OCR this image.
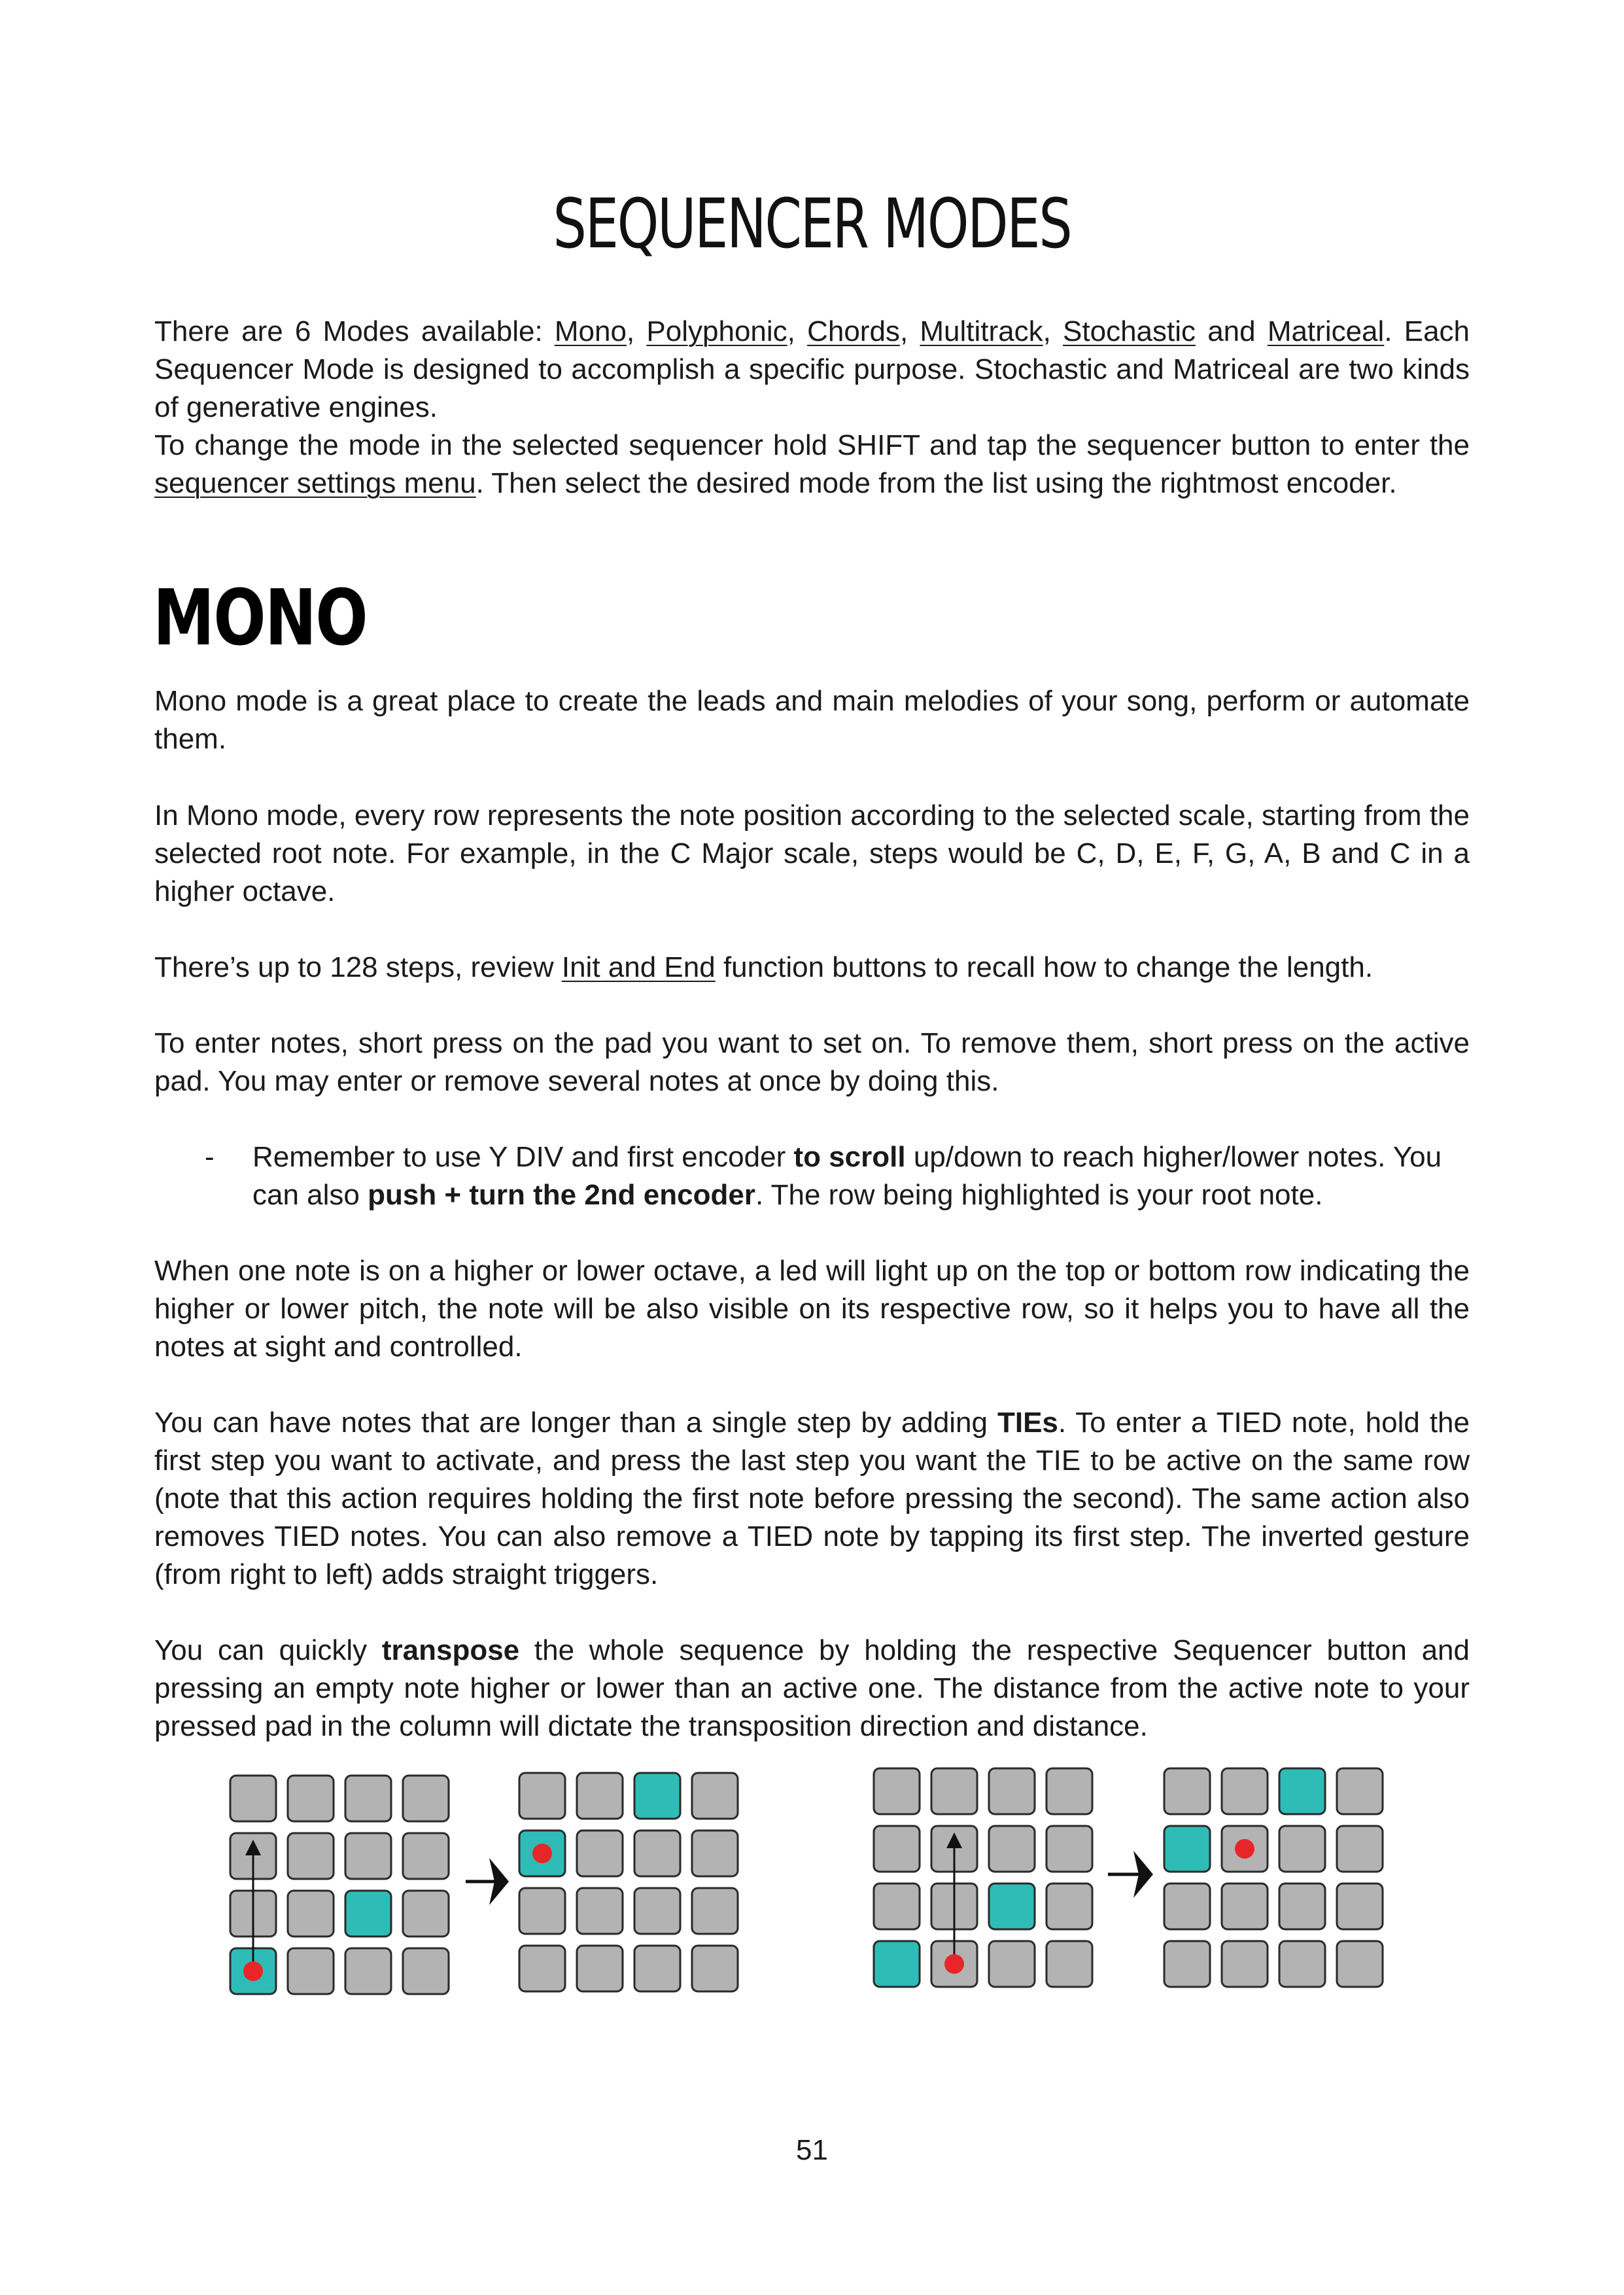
SEQUENCER MODES

There are 6 Modes available: Mono, Polyphonic, Chords, Multitrack, Stochastic and Matriceal. Each Sequencer Mode is designed to accomplish a specific purpose. Stochastic and Matriceal are two kinds of generative engines.

To change the mode in the selected sequencer hold SHIFT and tap the sequencer button to enter the sequencer settings menu. Then select the desired mode from the list using the rightmost encoder.

MONO

Mono mode is a great place to create the leads and main melodies of your song, perform or automate them.

In Mono mode, every row represents the note position according to the selected scale, starting from the selected root note. For example, in the C Major scale, steps would be C, D, E, F, G, A, B and C in a higher octave.

There’s up to 128 steps, review Init and End function buttons to recall how to change the length.

To enter notes, short press on the pad you want to set on. To remove them, short press on the active pad. You may enter or remove several notes at once by doing this.

- Remember to use Y DIV and first encoder to scroll up/down to reach higher/lower notes. You can also push + turn the 2nd encoder. The row being highlighted is your root note.

When one note is on a higher or lower octave, a led will light up on the top or bottom row indicating the higher or lower pitch, the note will be also visible on its respective row, so it helps you to have all the notes at sight and controlled.

You can have notes that are longer than a single step by adding TIEs. To enter a TIED note, hold the first step you want to activate, and press the last step you want the TIE to be active on the same row (note that this action requires holding the first note before pressing the second). The same action also removes TIED notes. You can also remove a TIED note by tapping its first step. The inverted gesture (from right to left) adds straight triggers.

You can quickly transpose the whole sequence by holding the respective Sequencer button and pressing an empty note higher or lower than an active one. The distance from the active note to your pressed pad in the column will dictate the transposition direction and distance.

51
